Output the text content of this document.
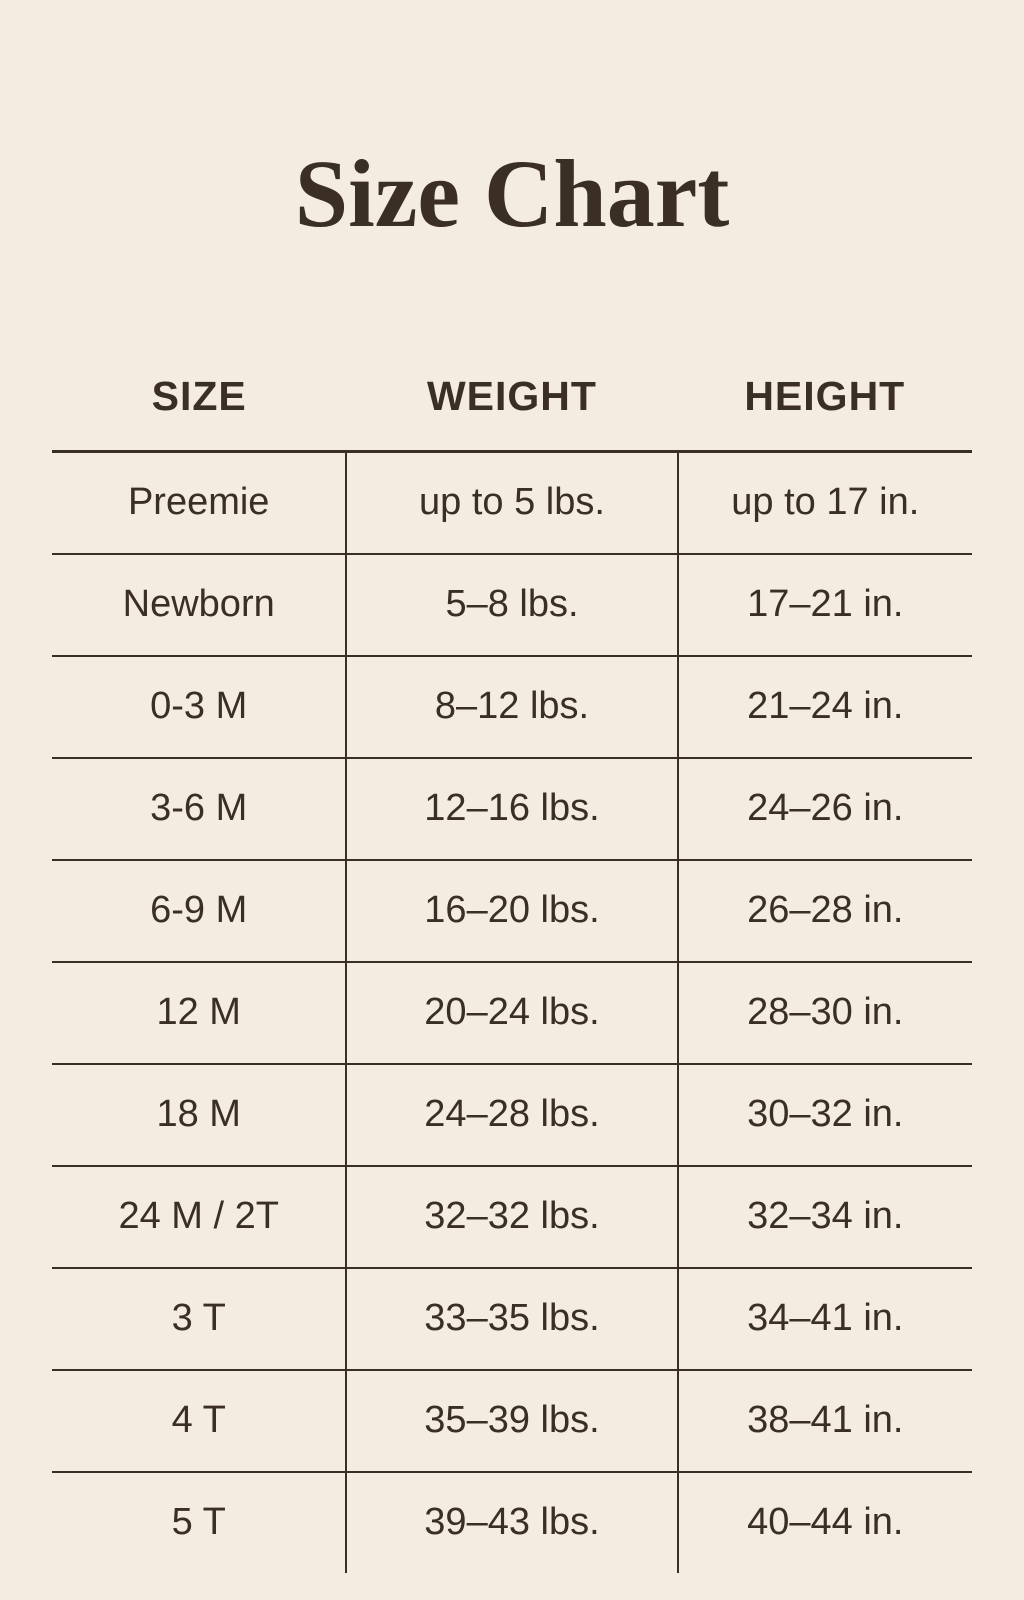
Size Chart
SIZE	WEIGHT	HEIGHT
Preemie	up to 5 lbs.	up to 17 in.
Newborn	5–8 lbs.	17–21 in.
0-3 M	8–12 lbs.	21–24 in.
3-6 M	12–16 lbs.	24–26 in.
6-9 M	16–20 lbs.	26–28 in.
12 M	20–24 lbs.	28–30 in.
18 M	24–28 lbs.	30–32 in.
24 M / 2T	32–32 lbs.	32–34 in.
3 T	33–35 lbs.	34–41 in.
4 T	35–39 lbs.	38–41 in.
5 T	39–43 lbs.	40–44 in.
